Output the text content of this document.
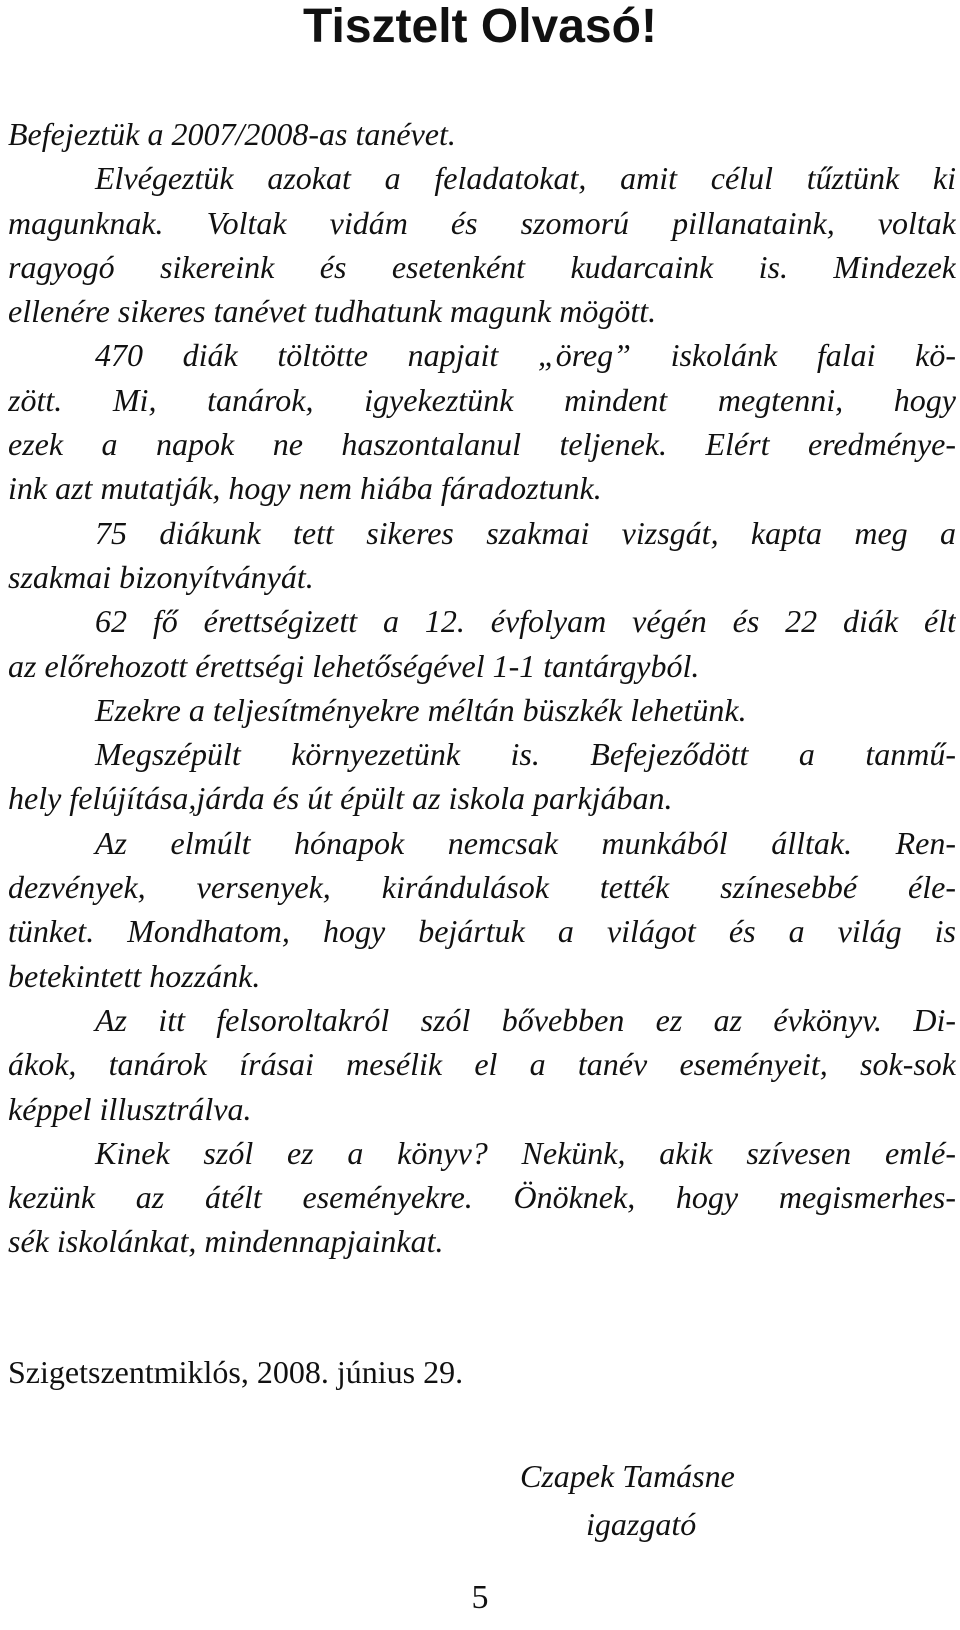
Tisztelt Olvasó!
Befejeztük a 2007/2008-as tanévet.
Elvégeztük azokat a feladatokat, amit célul tűztünk ki
magunknak. Voltak vidám és szomorú pillanataink, voltak
ragyogó sikereink és esetenként kudarcaink is. Mindezek
ellenére sikeres tanévet tudhatunk magunk mögött.
470 diák töltötte napjait „öreg” iskolánk falai kö-
zött. Mi, tanárok, igyekeztünk mindent megtenni, hogy
ezek a napok ne haszontalanul teljenek. Elért eredménye-
ink azt mutatják, hogy nem hiába fáradoztunk.
75 diákunk tett sikeres szakmai vizsgát, kapta meg a
szakmai bizonyítványát.
62 fő érettségizett a 12. évfolyam végén és 22 diák élt
az előrehozott érettségi lehetőségével 1-1 tantárgyból.
Ezekre a teljesítményekre méltán büszkék lehetünk.
Megszépült környezetünk is. Befejeződött a tanmű-
hely felújítása,járda és út épült az iskola parkjában.
Az elmúlt hónapok nemcsak munkából álltak. Ren-
dezvények, versenyek, kirándulások tették színesebbé éle-
tünket. Mondhatom, hogy bejártuk a világot és a világ is
betekintett hozzánk.
Az itt felsoroltakról szól bővebben ez az évkönyv. Di-
ákok, tanárok írásai mesélik el a tanév eseményeit, sok-sok
képpel illusztrálva.
Kinek szól ez a könyv? Nekünk, akik szívesen emlé-
kezünk az átélt eseményekre. Önöknek, hogy megismerhes-
sék iskolánkat, mindennapjainkat.
Szigetszentmiklós, 2008. június 29.
Czapek Tamásne
igazgató
5
